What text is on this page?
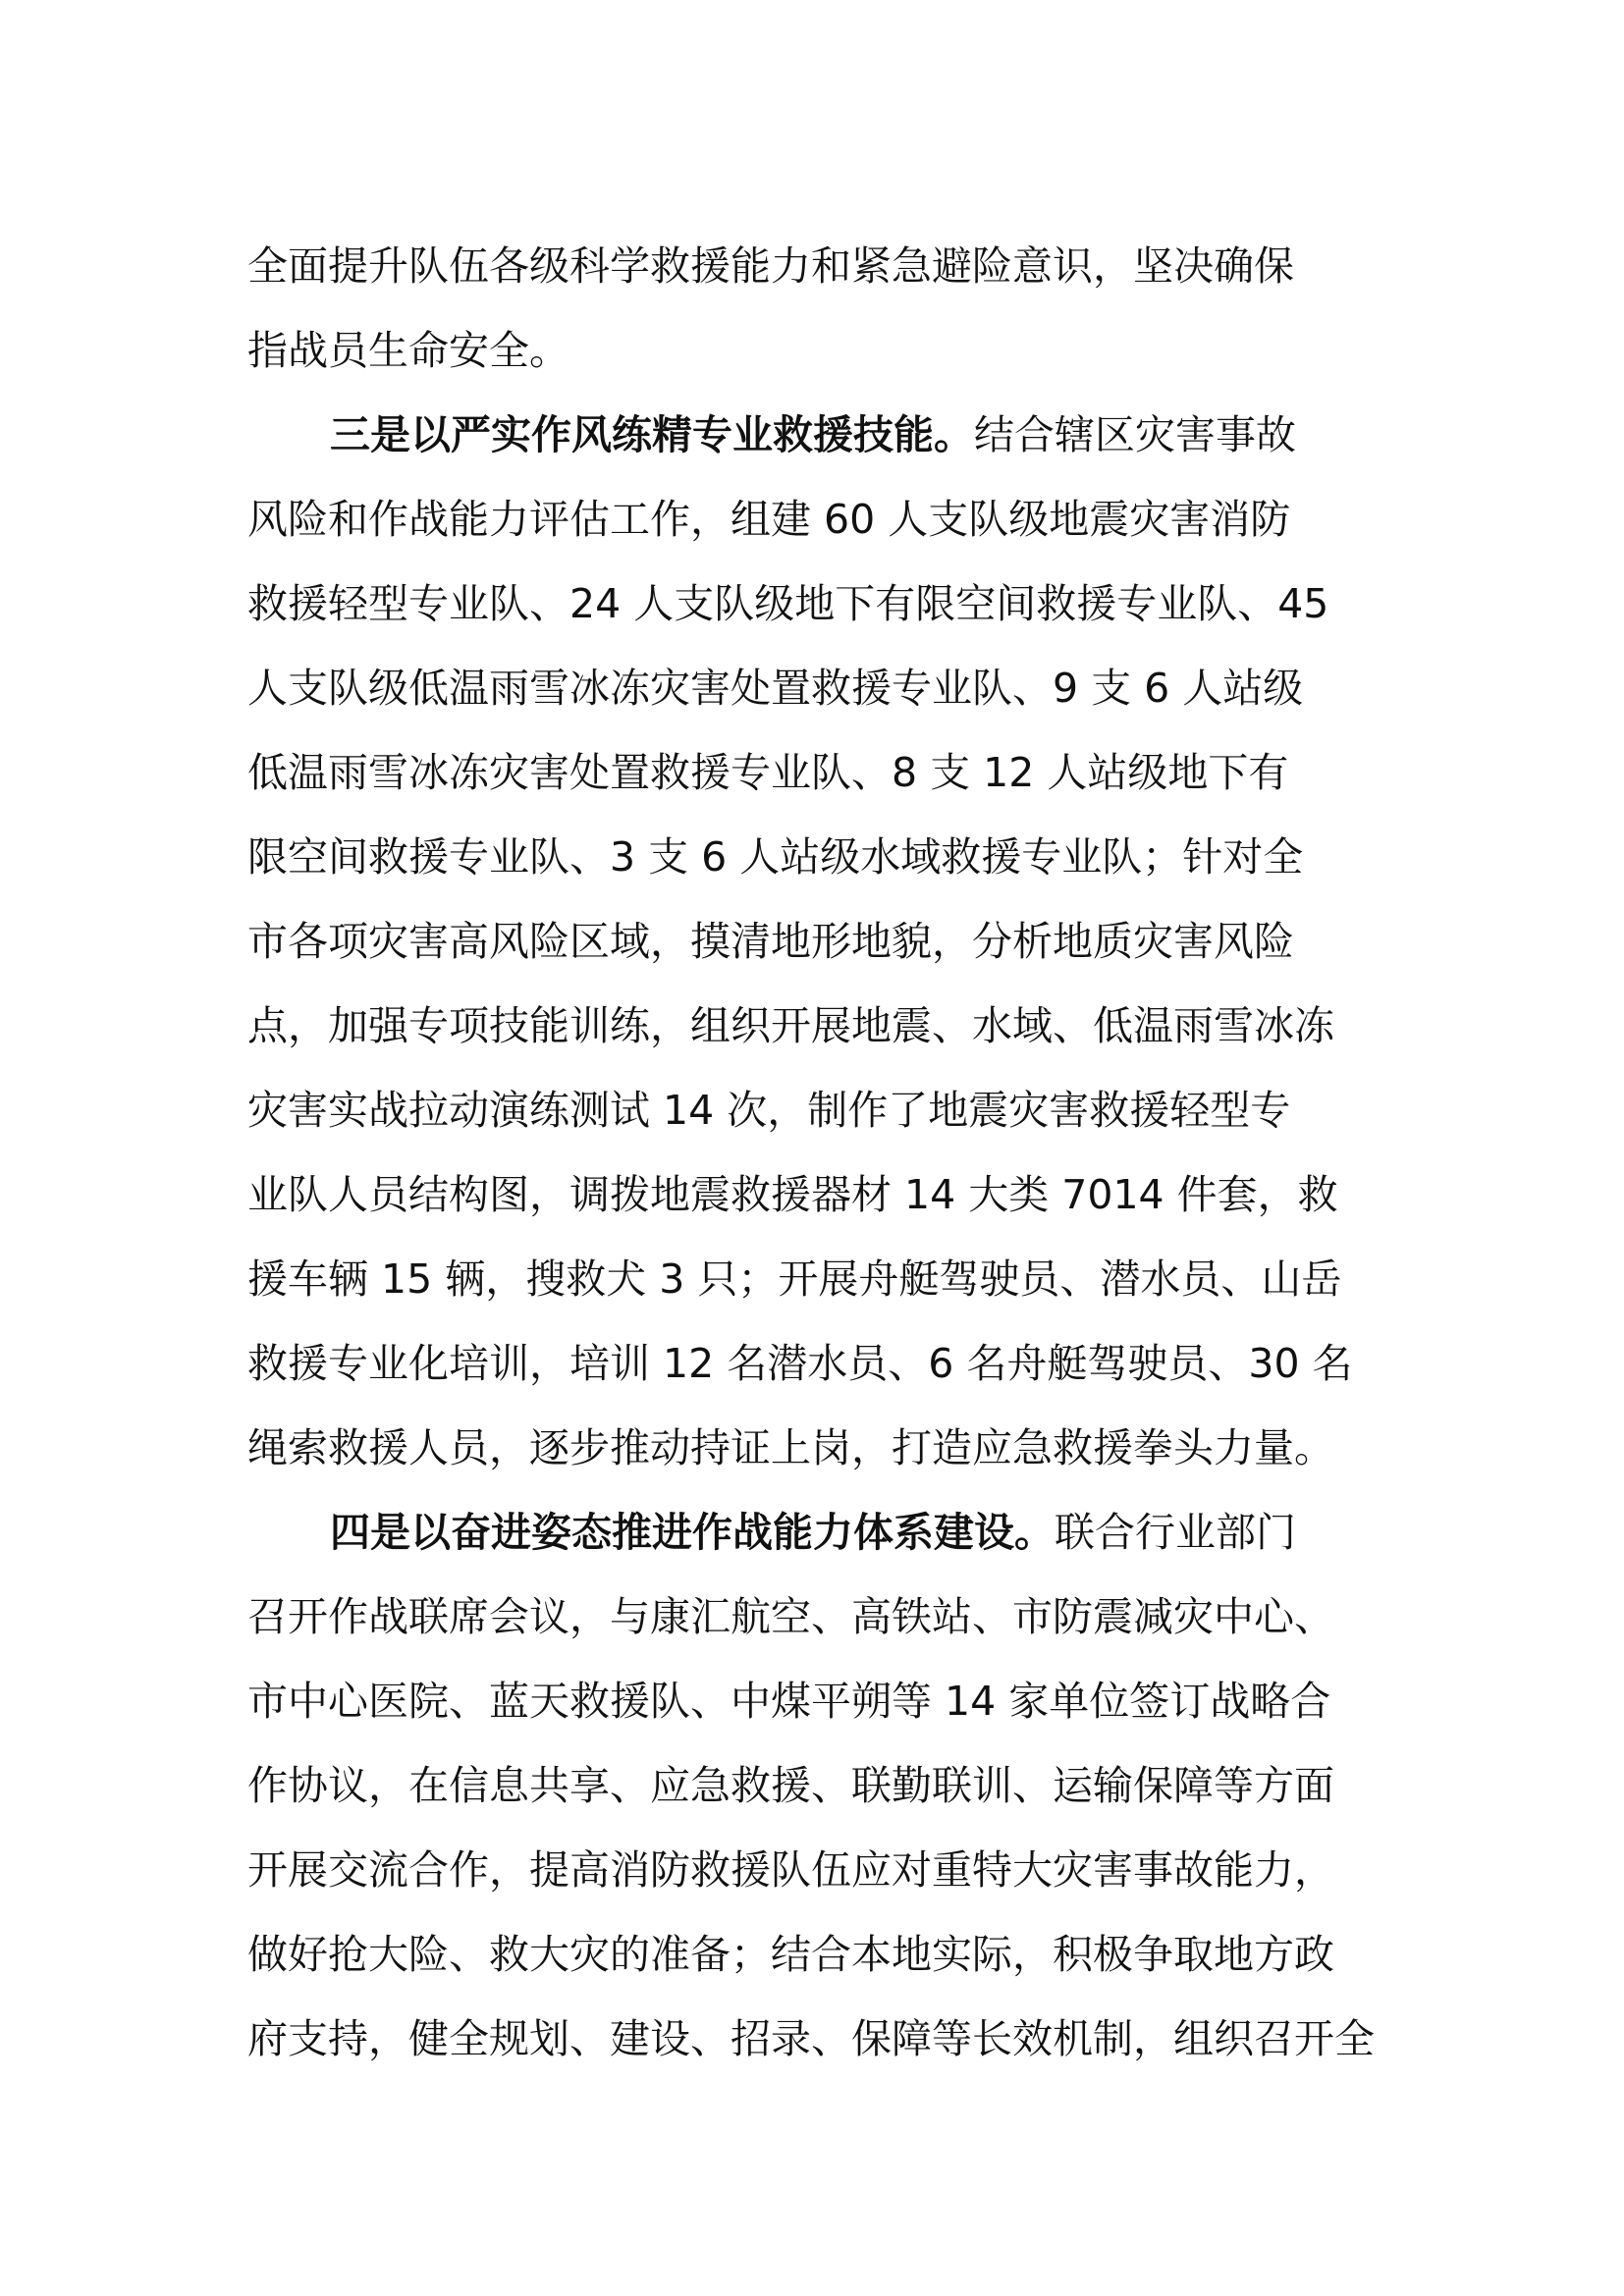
全面提升队伍各级科学救援能力和紧急避险意识，坚决确保
指战员生命安全。
三是以严实作风练精专业救援技能。结合辖区灾害事故
风险和作战能力评估工作，组建 60 人支队级地震灾害消防
救援轻型专业队、24 人支队级地下有限空间救援专业队、45
人支队级低温雨雪冰冻灾害处置救援专业队、9 支 6 人站级
低温雨雪冰冻灾害处置救援专业队、8 支 12 人站级地下有
限空间救援专业队、3 支 6 人站级水域救援专业队；针对全
市各项灾害高风险区域，摸清地形地貌，分析地质灾害风险
点，加强专项技能训练，组织开展地震、水域、低温雨雪冰冻
灾害实战拉动演练测试 14 次，制作了地震灾害救援轻型专
业队人员结构图，调拨地震救援器材 14 大类 7014 件套，救
援车辆 15 辆，搜救犬 3 只；开展舟艇驾驶员、潜水员、山岳
救援专业化培训，培训 12 名潜水员、6 名舟艇驾驶员、30 名
绳索救援人员，逐步推动持证上岗，打造应急救援拳头力量。
四是以奋进姿态推进作战能力体系建设。联合行业部门
召开作战联席会议，与康汇航空、高铁站、市防震减灾中心、
市中心医院、蓝天救援队、中煤平朔等 14 家单位签订战略合
作协议，在信息共享、应急救援、联勤联训、运输保障等方面
开展交流合作，提高消防救援队伍应对重特大灾害事故能力，
做好抢大险、救大灾的准备；结合本地实际，积极争取地方政
府支持，健全规划、建设、招录、保障等长效机制，组织召开全
